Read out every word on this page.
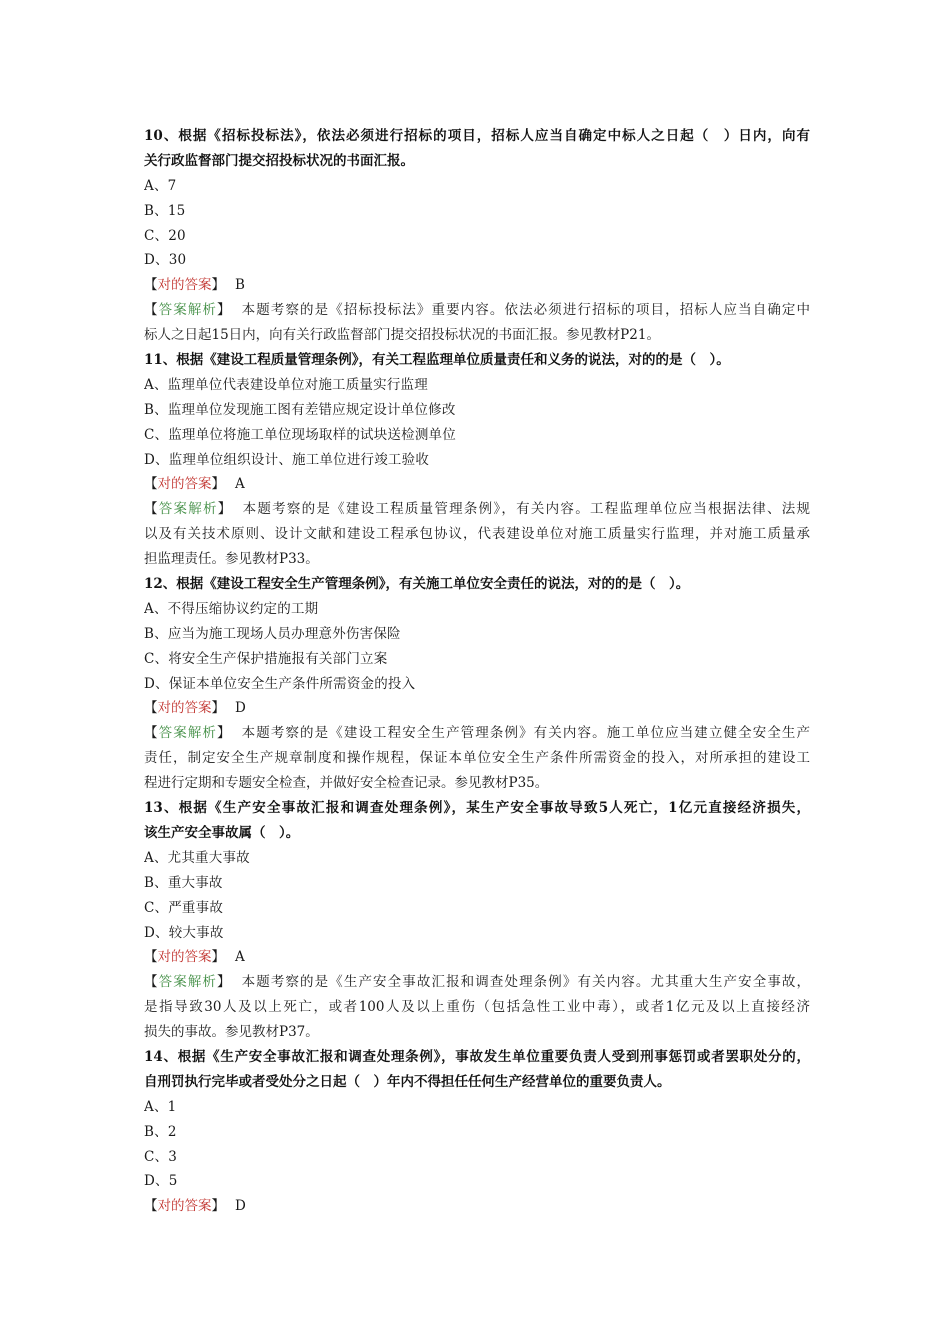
10、根据《招标投标法》，依法必须进行招标的项目，招标人应当自确定中标人之日起（　）日内，向有
关行政监督部门提交招投标状况的书面汇报。
A、7
B、15
C、20
D、30
【对的答案】 B
【答案解析】 本题考察的是《招标投标法》重要内容。依法必须进行招标的项目，招标人应当自确定中
标人之日起15日内，向有关行政监督部门提交招投标状况的书面汇报。参见教材P21。
11、根据《建设工程质量管理条例》，有关工程监理单位质量责任和义务的说法，对的的是（　）。
A、监理单位代表建设单位对施工质量实行监理
B、监理单位发现施工图有差错应规定设计单位修改
C、监理单位将施工单位现场取样的试块送检测单位
D、监理单位组织设计、施工单位进行竣工验收
【对的答案】 A
【答案解析】 本题考察的是《建设工程质量管理条例》，有关内容。工程监理单位应当根据法律、法规
以及有关技术原则、设计文献和建设工程承包协议，代表建设单位对施工质量实行监理，并对施工质量承
担监理责任。参见教材P33。
12、根据《建设工程安全生产管理条例》，有关施工单位安全责任的说法，对的的是（　）。
A、不得压缩协议约定的工期
B、应当为施工现场人员办理意外伤害保险
C、将安全生产保护措施报有关部门立案
D、保证本单位安全生产条件所需资金的投入
【对的答案】 D
【答案解析】 本题考察的是《建设工程安全生产管理条例》有关内容。施工单位应当建立健全安全生产
责任，制定安全生产规章制度和操作规程，保证本单位安全生产条件所需资金的投入，对所承担的建设工
程进行定期和专题安全检查，并做好安全检查记录。参见教材P35。
13、根据《生产安全事故汇报和调查处理条例》，某生产安全事故导致5人死亡，1亿元直接经济损失，
该生产安全事故属（　）。
A、尤其重大事故
B、重大事故
C、严重事故
D、较大事故
【对的答案】 A
【答案解析】 本题考察的是《生产安全事故汇报和调查处理条例》有关内容。尤其重大生产安全事故，
是指导致30人及以上死亡，或者100人及以上重伤（包括急性工业中毒），或者1亿元及以上直接经济
损失的事故。参见教材P37。
14、根据《生产安全事故汇报和调查处理条例》，事故发生单位重要负责人受到刑事惩罚或者罢职处分的，
自刑罚执行完毕或者受处分之日起（　）年内不得担任任何生产经营单位的重要负责人。
A、1
B、2
C、3
D、5
【对的答案】 D
